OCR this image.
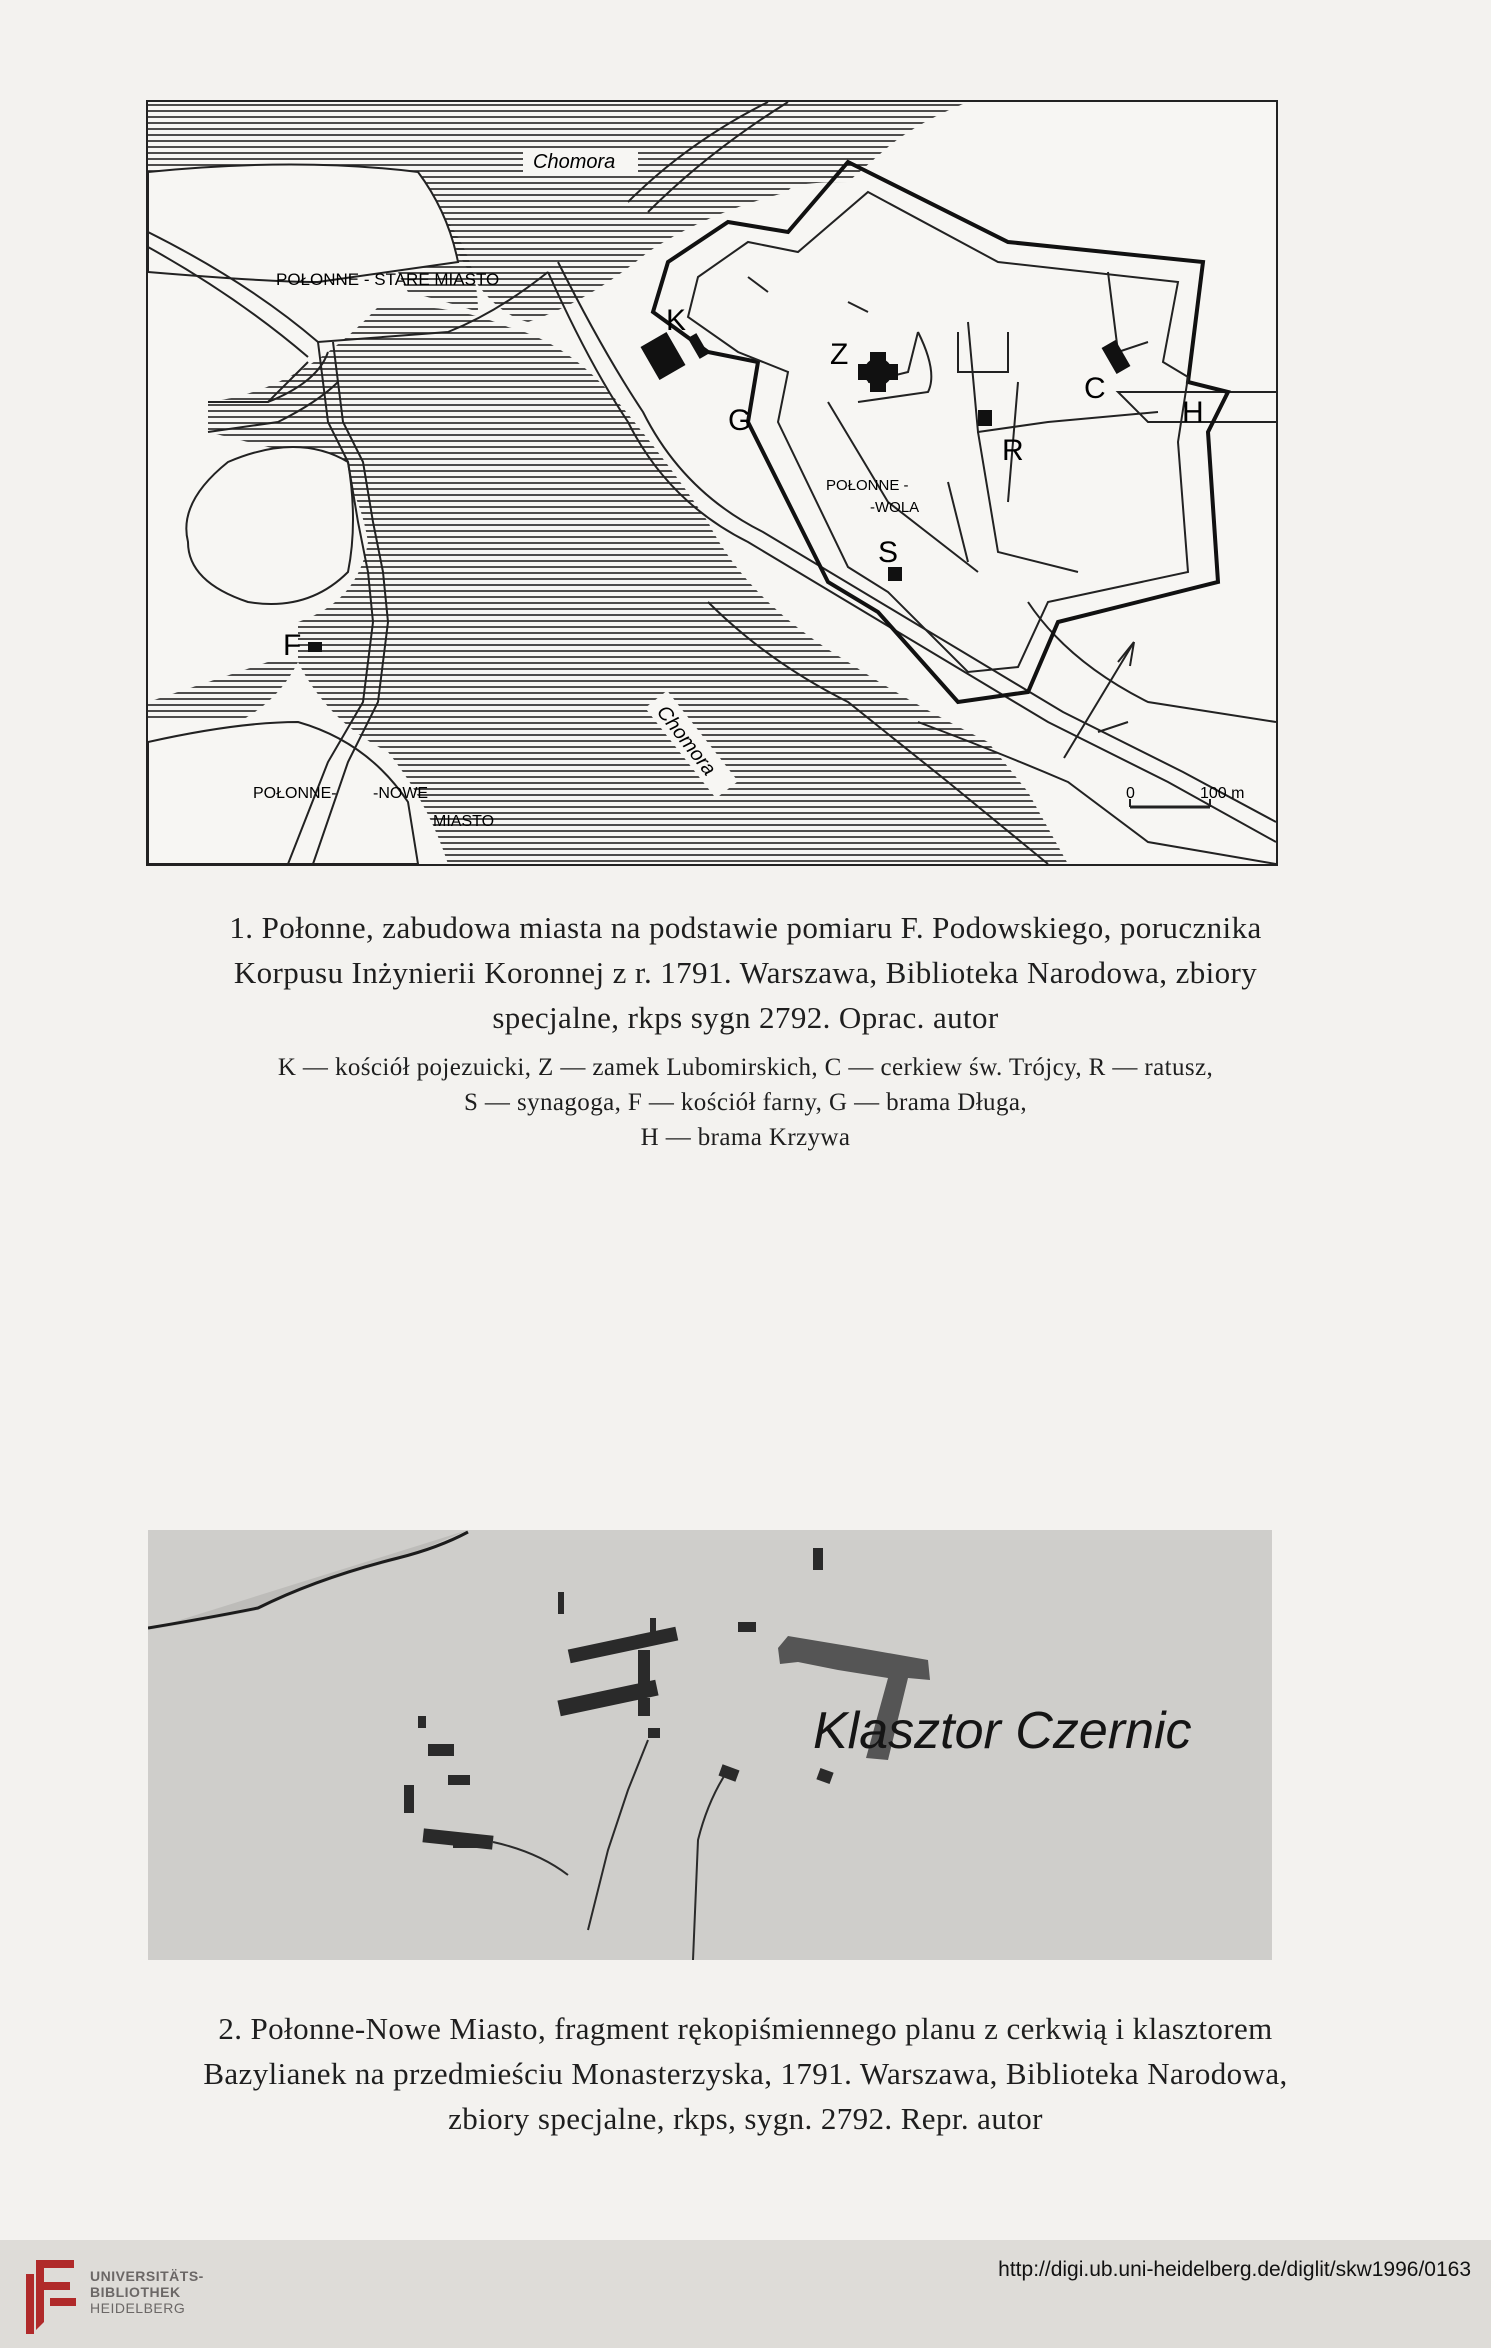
0	100 m
Chomora
Chomora
POŁONNE - STARE MIASTO
POŁONNE -
-WOLA
POŁONNE- -NOWE
MIASTO
K
Z
C
H
G
R
S
F
1. Połonne, zabudowa miasta na podstawie pomiaru F. Podowskiego, porucznika
Korpusu Inżynierii Koronnej z r. 1791. Warszawa, Biblioteka Narodowa, zbiory
specjalne, rkps sygn 2792. Oprac. autor
K — kościół pojezuicki, Z — zamek Lubomirskich, C — cerkiew św. Trójcy, R — ratusz,
S — synagoga, F — kościół farny, G — brama Długa,
H — brama Krzywa
Klasztor Czernic
2. Połonne-Nowe Miasto, fragment rękopiśmiennego planu z cerkwią i klasztorem
Bazylianek na przedmieściu Monasterzyska, 1791. Warszawa, Biblioteka Narodowa,
zbiory specjalne, rkps, sygn. 2792. Repr. autor
UNIVERSITÄTS-
BIBLIOTHEK
HEIDELBERG
http://digi.ub.uni-heidelberg.de/diglit/skw1996/0163
